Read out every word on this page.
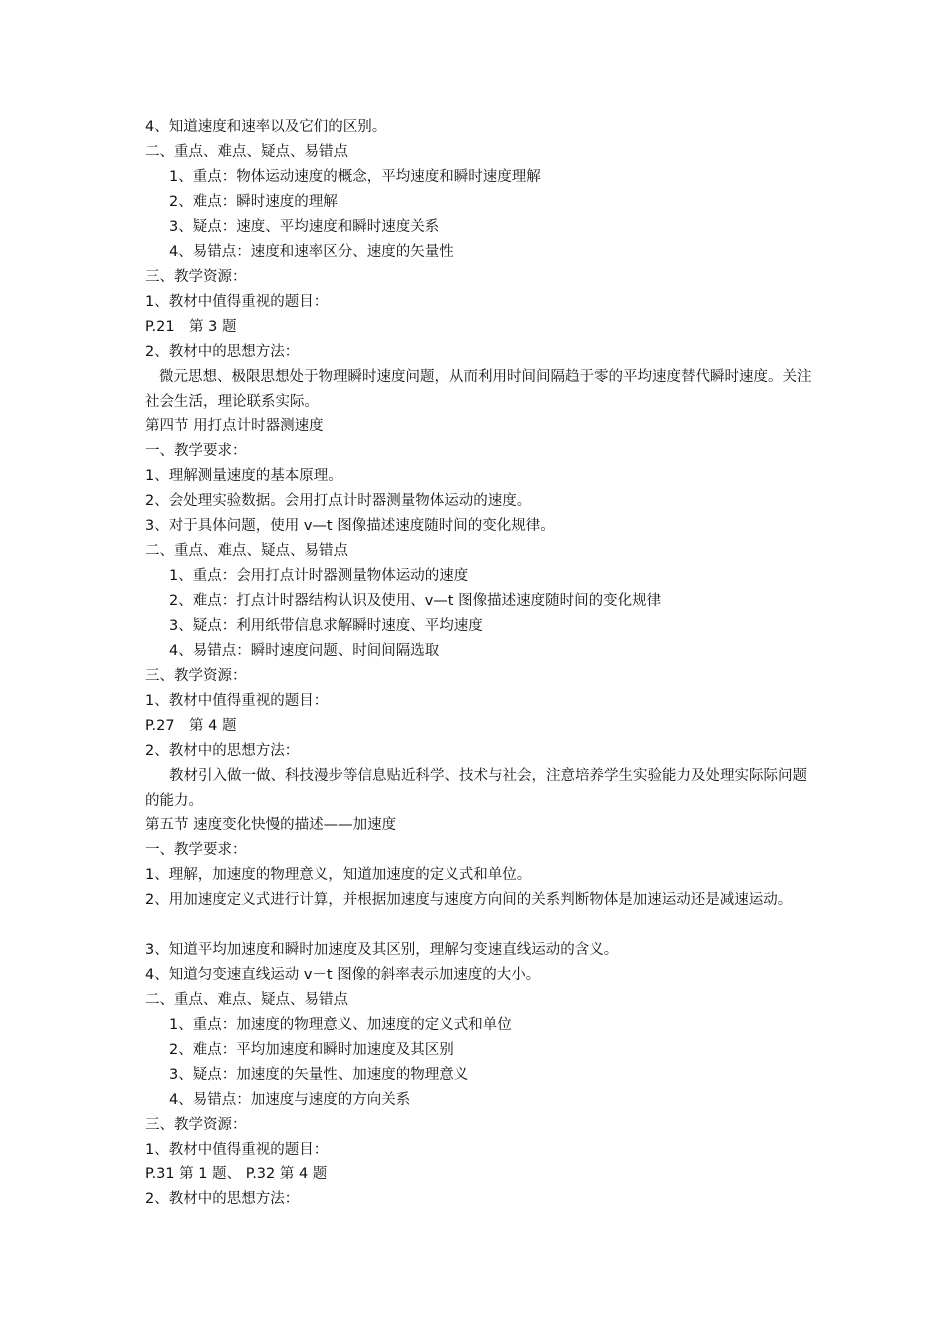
4、知道速度和速率以及它们的区别。
二、重点、难点、疑点、易错点
1、重点：物体运动速度的概念，平均速度和瞬时速度理解
2、难点：瞬时速度的理解
3、疑点：速度、平均速度和瞬时速度关系
4、易错点：速度和速率区分、速度的矢量性
三、教学资源：
1、教材中值得重视的题目：
P.21　第 3 题
2、教材中的思想方法：
微元思想、极限思想处于物理瞬时速度问题，从而利用时间间隔趋于零的平均速度替代瞬时速度。关注社会生活，理论联系实际。
第四节 用打点计时器测速度
一、教学要求：
1、理解测量速度的基本原理。
2、会处理实验数据。会用打点计时器测量物体运动的速度。
3、对于具体问题，使用 v—t 图像描述速度随时间的变化规律。
二、重点、难点、疑点、易错点
1、重点：会用打点计时器测量物体运动的速度
2、难点：打点计时器结构认识及使用、v—t 图像描述速度随时间的变化规律
3、疑点：利用纸带信息求解瞬时速度、平均速度
4、易错点：瞬时速度问题、时间间隔选取
三、教学资源：
1、教材中值得重视的题目：
P.27　第 4 题
2、教材中的思想方法：
教材引入做一做、科技漫步等信息贴近科学、技术与社会，注意培养学生实验能力及处理实际际问题的能力。
第五节 速度变化快慢的描述——加速度
一、教学要求：
1、理解，加速度的物理意义，知道加速度的定义式和单位。
2、用加速度定义式进行计算，并根据加速度与速度方向间的关系判断物体是加速运动还是减速运动。
3、知道平均加速度和瞬时加速度及其区别，理解匀变速直线运动的含义。
4、知道匀变速直线运动 v－t 图像的斜率表示加速度的大小。
二、重点、难点、疑点、易错点
1、重点：加速度的物理意义、加速度的定义式和单位
2、难点：平均加速度和瞬时加速度及其区别
3、疑点：加速度的矢量性、加速度的物理意义
4、易错点：加速度与速度的方向关系
三、教学资源：
1、教材中值得重视的题目：
P.31 第 1 题、 P.32 第 4 题
2、教材中的思想方法：
